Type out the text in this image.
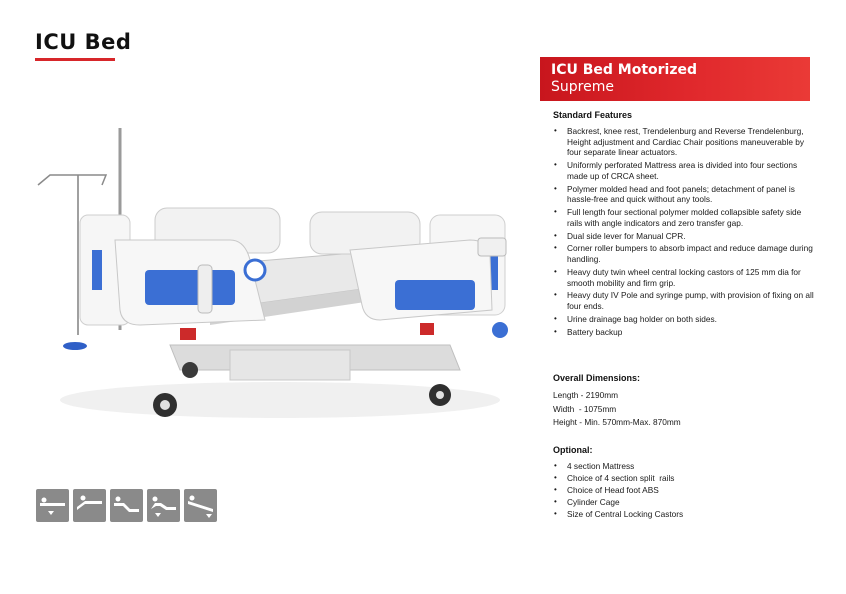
ICU Bed
ICU Bed Motorized
Supreme
Standard Features
• Backrest, knee rest, Trendelenburg and Reverse Trendelenburg, Height adjustment and Cardiac Chair positions maneuverable by four separate linear actuators.
• Uniformly perforated Mattress area is divided into four sections made up of CRCA sheet.
• Polymer molded head and foot panels; detachment of panel is hassle-free and quick without any tools.
• Full length four sectional polymer molded collapsible safety side rails with angle indicators and zero transfer gap.
• Dual side lever for Manual CPR.
• Corner roller bumpers to absorb impact and reduce damage during handling.
• Heavy duty twin wheel central locking castors of 125 mm dia for smooth mobility and firm grip.
• Heavy duty IV Pole and syringe pump, with provision of fixing on all four ends.
• Urine drainage bag holder on both sides.
• Battery backup
Overall Dimensions:
Length - 2190mm
Width  - 1075mm
Height - Min. 570mm-Max. 870mm
Optional:
• 4 section Mattress
• Choice of 4 section split  rails
• Choice of Head foot ABS
• Cylinder Cage
• Size of Central Locking Castors
